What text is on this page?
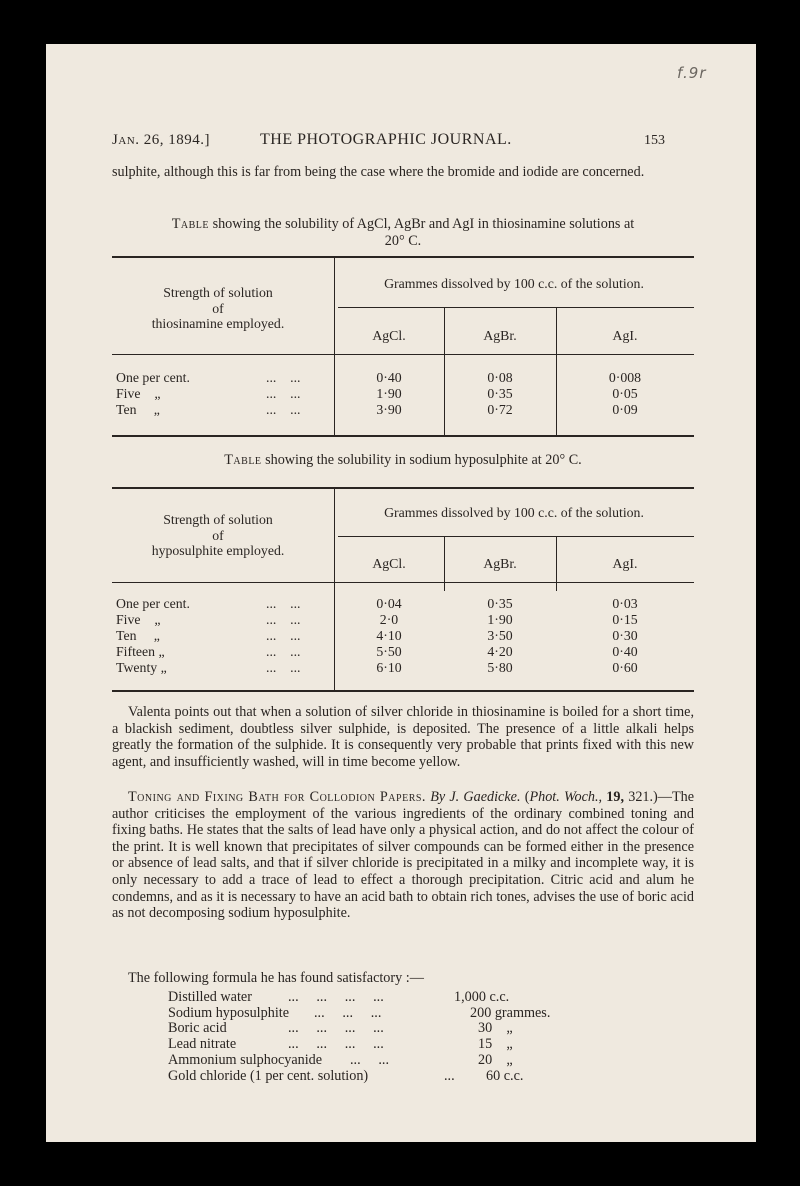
f.9r
Jan. 26, 1894.]	THE PHOTOGRAPHIC JOURNAL.	153
sulphite, although this is far from being the case where the bromide and iodide are concerned.
Table showing the solubility of AgCl, AgBr and AgI in thiosinamine solutions at
20° C.
Strength of solution
of
thiosinamine employed.
Grammes dissolved by 100 c.c. of the solution.
AgCl.	AgBr.	AgI.
One per cent.	...    ...	0·40	0·08	0·008
Five    „	...    ...	1·90	0·35	0·05
Ten     „	...    ...	3·90	0·72	0·09
Table showing the solubility in sodium hyposulphite at 20° C.
Strength of solution
of
hyposulphite employed.
Grammes dissolved by 100 c.c. of the solution.
AgCl.	AgBr.	AgI.
One per cent.	...    ...	0·04	0·35	0·03
Five    „	...    ...	2·0	1·90	0·15
Ten     „	...    ...	4·10	3·50	0·30
Fifteen „	...    ...	5·50	4·20	0·40
Twenty „	...    ...	6·10	5·80	0·60
Valenta points out that when a solution of silver chloride in thiosinamine is boiled for a short time, a blackish sediment, doubtless silver sulphide, is deposited. The presence of a little alkali helps greatly the formation of the sulphide. It is consequently very probable that prints fixed with this new agent, and insufficiently washed, will in time become yellow.
Toning and Fixing Bath for Collodion Papers. By J. Gaedicke. (Phot. Woch., 19, 321.)—The author criticises the employment of the various ingredients of the ordinary combined toning and fixing baths. He states that the salts of lead have only a physical action, and do not affect the colour of the print. It is well known that precipitates of silver compounds can be formed either in the presence or absence of lead salts, and that if silver chloride is precipitated in a milky and incomplete way, it is only necessary to add a trace of lead to effect a thorough precipitation. Citric acid and alum he condemns, and as it is necessary to have an acid bath to obtain rich tones, advises the use of boric acid as not decomposing sodium hyposulphite.
The following formula he has found satisfactory :—
Distilled water	...     ...     ...     ...	1,000 c.c.
Sodium hyposulphite ...     ...     ...	200 grammes.
Boric acid	...     ...     ...     ...	30    „
Lead nitrate	...     ...     ...     ...	15    „
Ammonium sulphocyanide ...     ...	20    „
Gold chloride (1 per cent. solution)	... 60 c.c.
